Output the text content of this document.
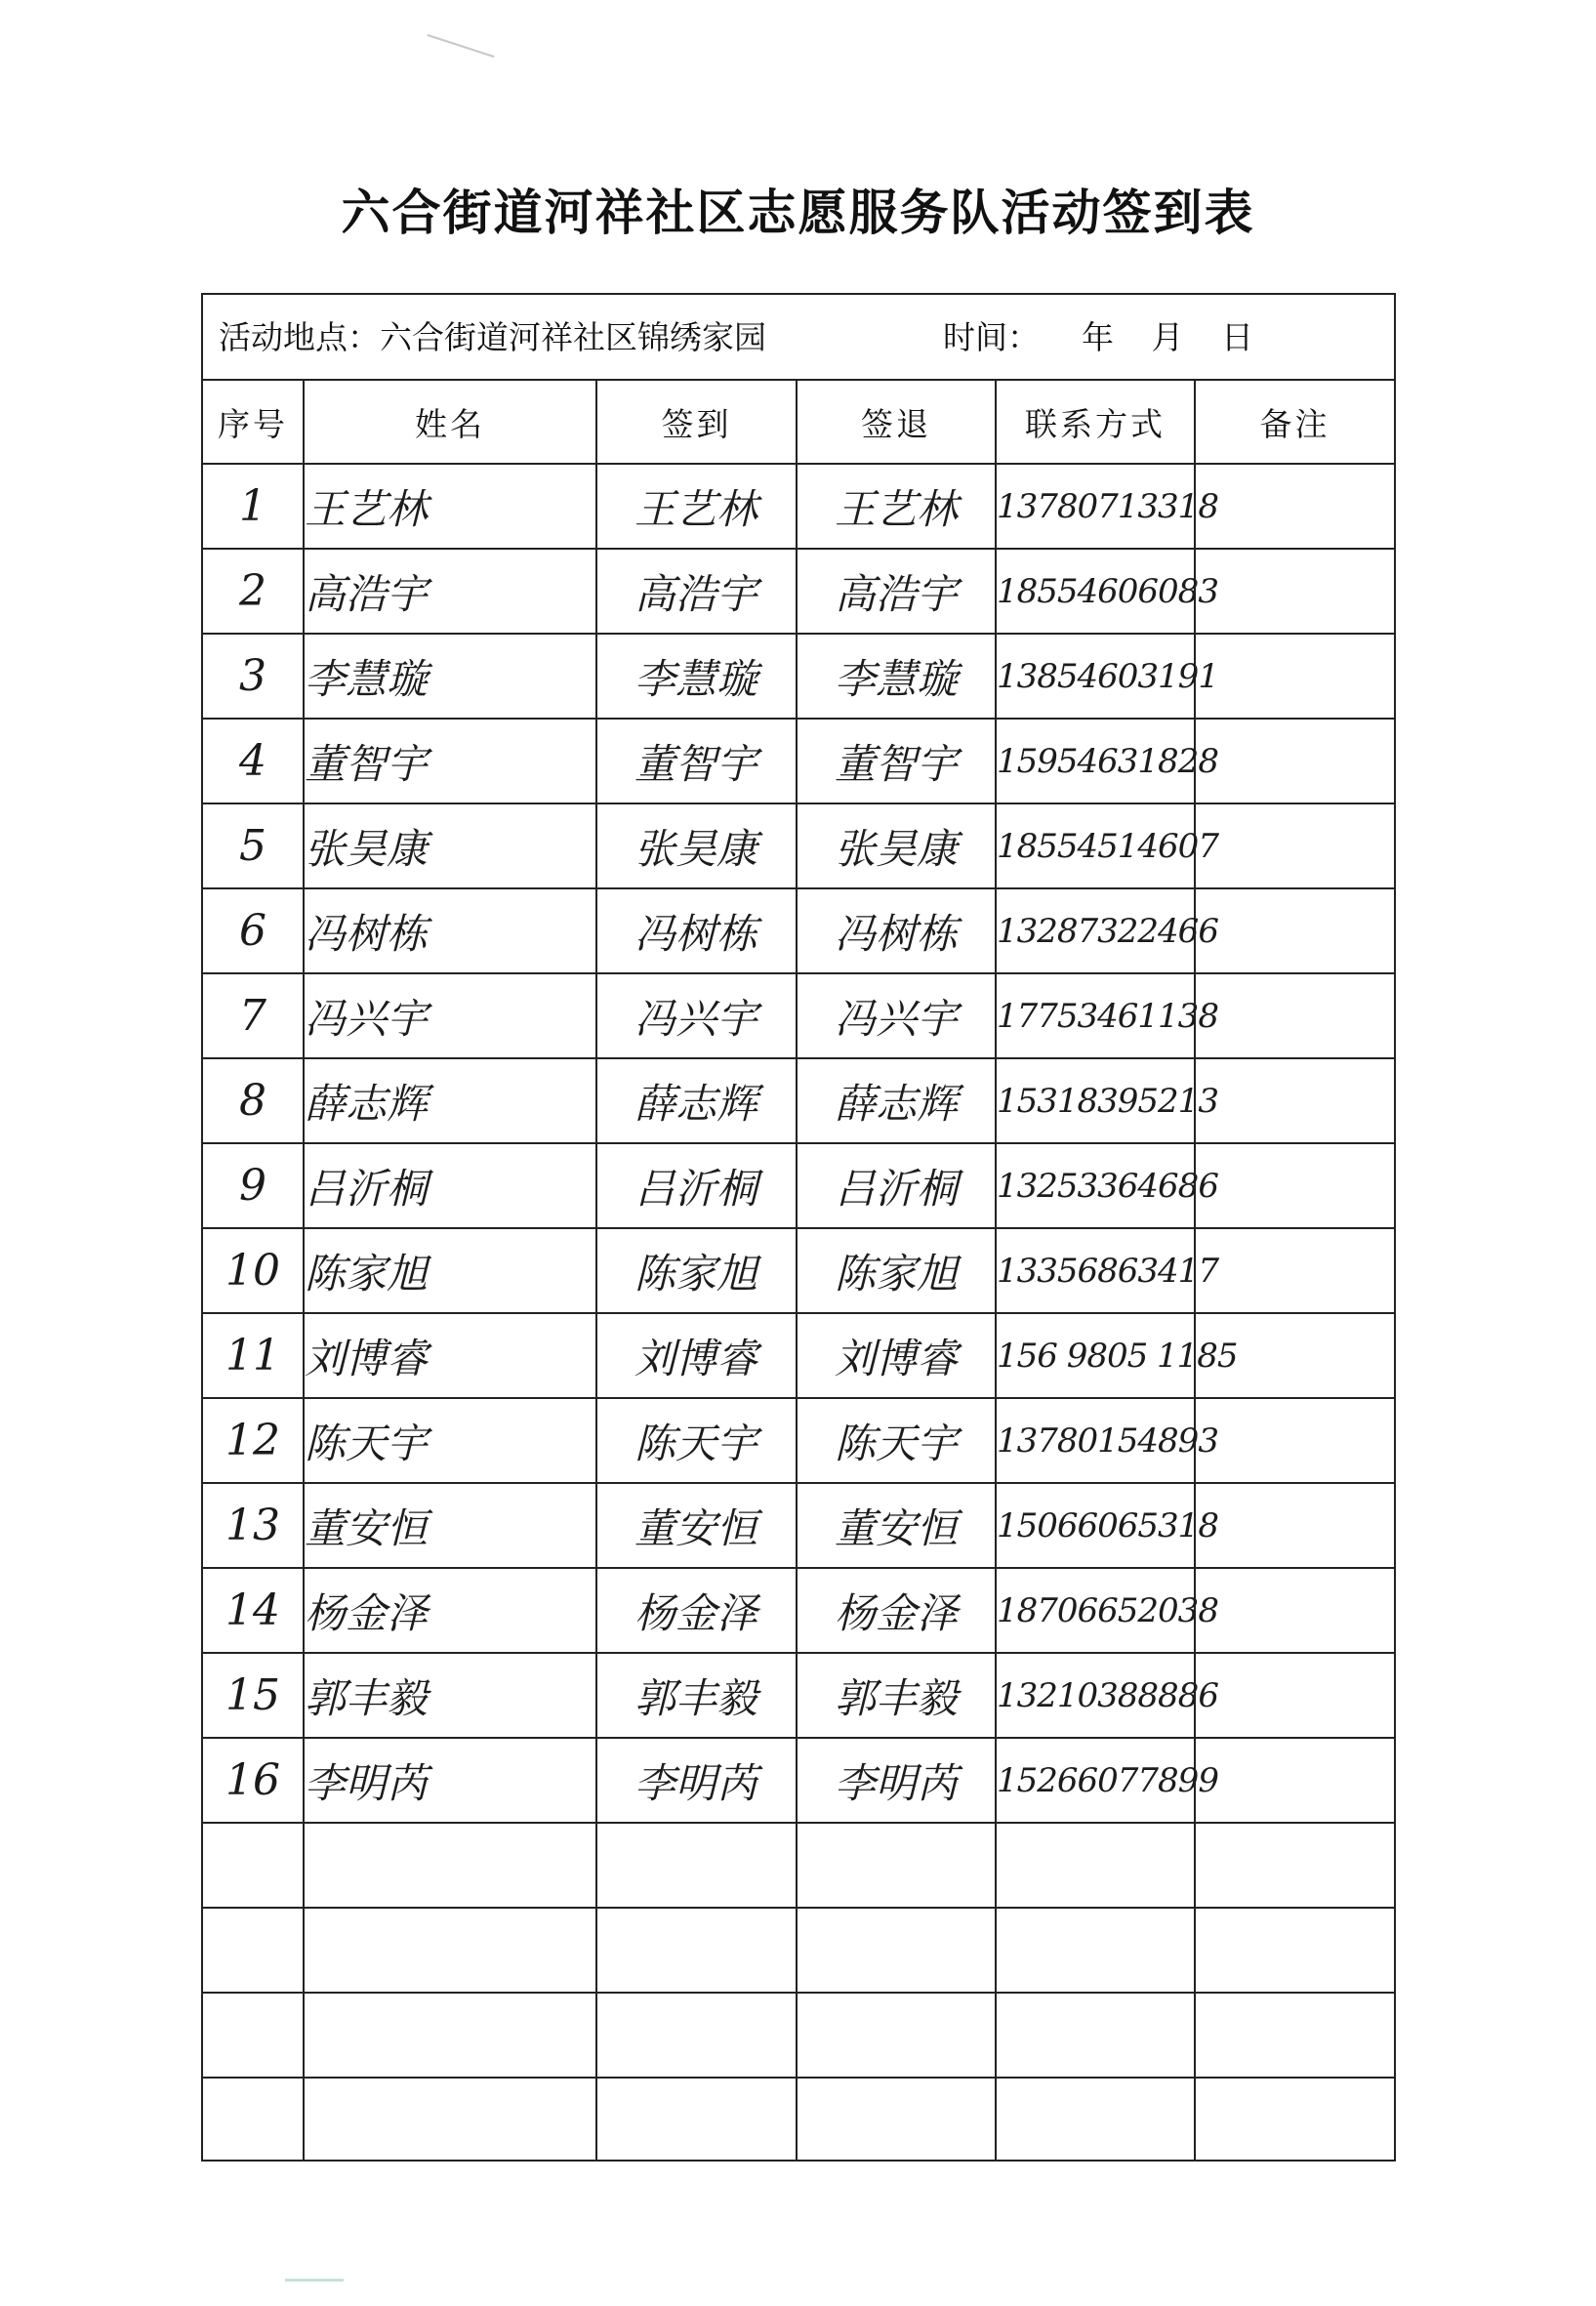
六合街道河祥社区志愿服务队活动签到表
活动地点：六合街道河祥社区锦绣家园	时间： 年 月 日
序号	姓名	签到	签退	联系方式	备注
1	王艺林	王艺林	王艺林	13780713318	
2	高浩宇	高浩宇	高浩宇	18554606083	
3	李慧璇	李慧璇	李慧璇	13854603191	
4	董智宇	董智宇	董智宇	15954631828	
5	张昊康	张昊康	张昊康	18554514607	
6	冯树栋	冯树栋	冯树栋	13287322466	
7	冯兴宇	冯兴宇	冯兴宇	17753461138	
8	薛志辉	薛志辉	薛志辉	15318395213	
9	吕沂桐	吕沂桐	吕沂桐	13253364686	
10	陈家旭	陈家旭	陈家旭	13356863417	
11	刘博睿	刘博睿	刘博睿	156 9805 1185	
12	陈天宇	陈天宇	陈天宇	13780154893	
13	董安恒	董安恒	董安恒	15066065318	
14	杨金泽	杨金泽	杨金泽	18706652038	
15	郭丰毅	郭丰毅	郭丰毅	13210388886	
16	李明芮	李明芮	李明芮	15266077899	
